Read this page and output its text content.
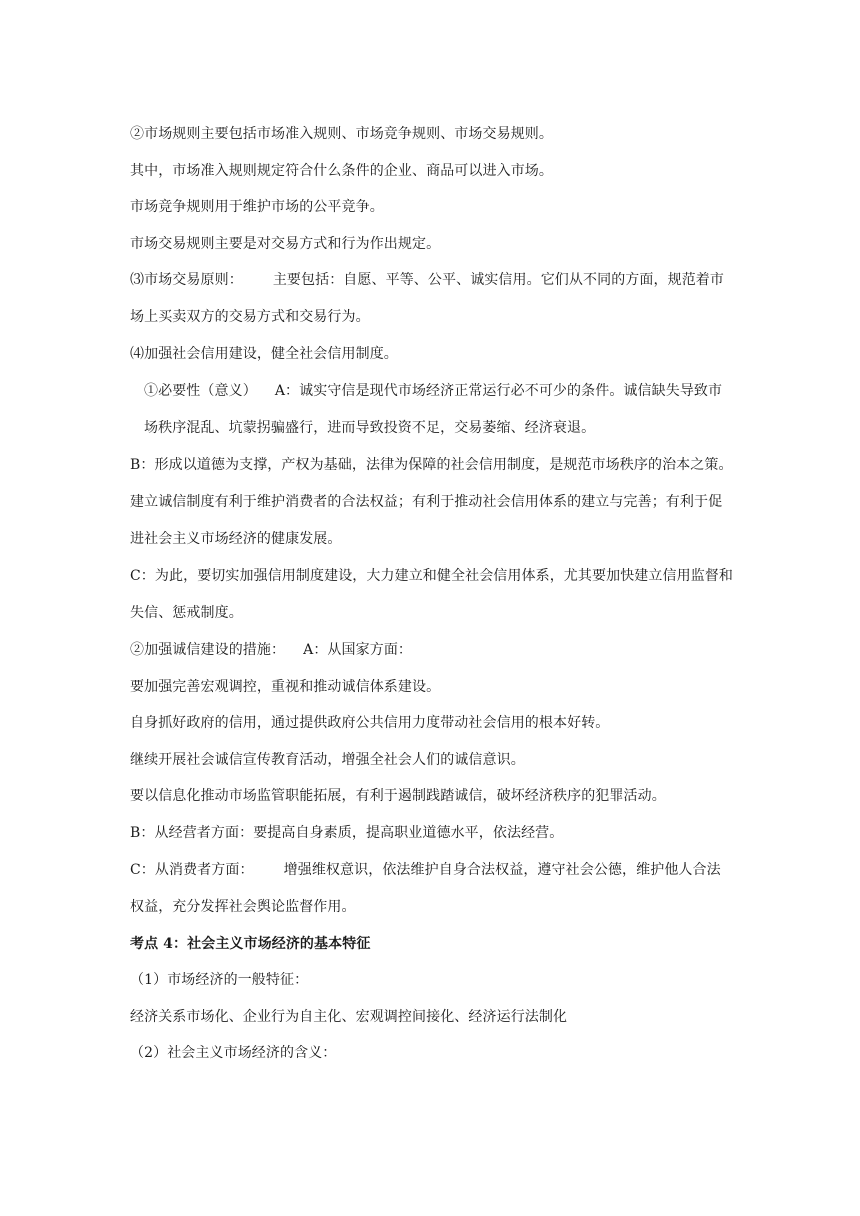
②市场规则主要包括市场准入规则、市场竞争规则、市场交易规则。
其中，市场准入规则规定符合什么条件的企业、商品可以进入市场。
市场竞争规则用于维护市场的公平竞争。
市场交易规则主要是对交易方式和行为作出规定。
⑶市场交易原则： 主要包括：自愿、平等、公平、诚实信用。它们从不同的方面，规范着市场上买卖双方的交易方式和交易行为。
⑷加强社会信用建设，健全社会信用制度。
①必要性（意义） A：诚实守信是现代市场经济正常运行必不可少的条件。诚信缺失导致市场秩序混乱、坑蒙拐骗盛行，进而导致投资不足，交易萎缩、经济衰退。
B：形成以道德为支撑，产权为基础，法律为保障的社会信用制度，是规范市场秩序的治本之策。
建立诚信制度有利于维护消费者的合法权益；有利于推动社会信用体系的建立与完善；有利于促进社会主义市场经济的健康发展。
C：为此，要切实加强信用制度建设，大力建立和健全社会信用体系，尤其要加快建立信用监督和失信、惩戒制度。
②加强诚信建设的措施： A：从国家方面：
要加强完善宏观调控，重视和推动诚信体系建设。
自身抓好政府的信用，通过提供政府公共信用力度带动社会信用的根本好转。
继续开展社会诚信宣传教育活动，增强全社会人们的诚信意识。
要以信息化推动市场监管职能拓展，有利于遏制践踏诚信，破坏经济秩序的犯罪活动。
B：从经营者方面：要提高自身素质，提高职业道德水平，依法经营。
C：从消费者方面： 增强维权意识，依法维护自身合法权益，遵守社会公德，维护他人合法权益，充分发挥社会舆论监督作用。
考点 4：社会主义市场经济的基本特征
（1）市场经济的一般特征：
经济关系市场化、企业行为自主化、宏观调控间接化、经济运行法制化
（2）社会主义市场经济的含义：
